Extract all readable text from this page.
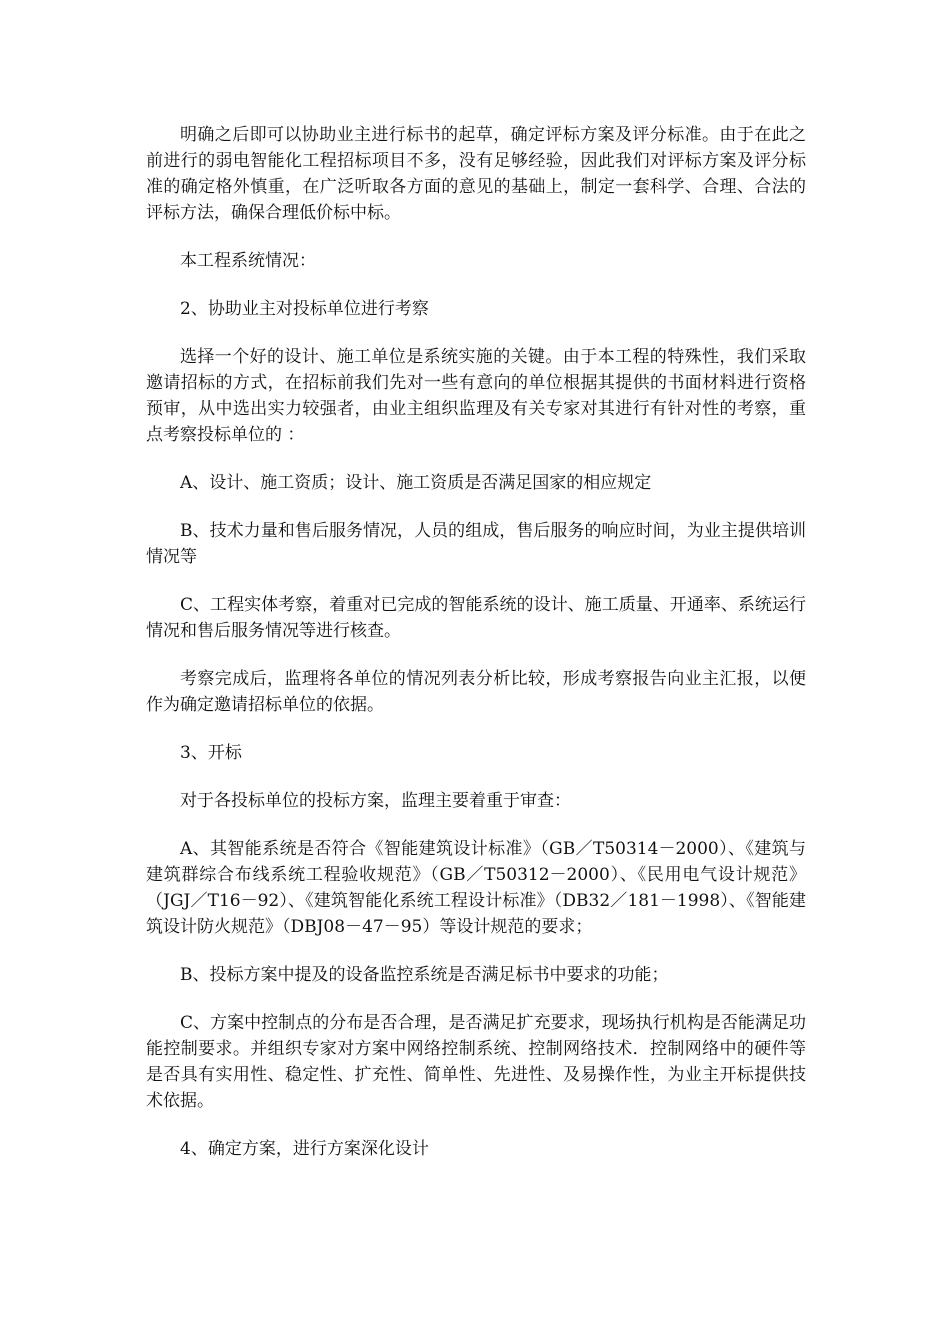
明确之后即可以协助业主进行标书的起草，确定评标方案及评分标准。由于在此之前进行的弱电智能化工程招标项目不多，没有足够经验，因此我们对评标方案及评分标准的确定格外慎重，在广泛听取各方面的意见的基础上，制定一套科学、合理、合法的评标方法，确保合理低价标中标。

本工程系统情况：

2、协助业主对投标单位进行考察

选择一个好的设计、施工单位是系统实施的关键。由于本工程的特殊性，我们采取邀请招标的方式，在招标前我们先对一些有意向的单位根据其提供的书面材料进行资格预审，从中选出实力较强者，由业主组织监理及有关专家对其进行有针对性的考察，重点考察投标单位的 ：

A、设计、施工资质；设计、施工资质是否满足国家的相应规定

B、技术力量和售后服务情况，人员的组成，售后服务的响应时间，为业主提供培训情况等

C、工程实体考察，着重对已完成的智能系统的设计、施工质量、开通率、系统运行情况和售后服务情况等进行核查。

考察完成后，监理将各单位的情况列表分析比较，形成考察报告向业主汇报，以便作为确定邀请招标单位的依据。

3、开标

对于各投标单位的投标方案，监理主要着重于审查：

A、其智能系统是否符合《智能建筑设计标准》（GB／T50314－2000）、《建筑与建筑群综合布线系统工程验收规范》（GB／T50312－2000）、《民用电气设计规范》（JGJ／T16－92）、《建筑智能化系统工程设计标准》（DB32／181－1998）、《智能建筑设计防火规范》（DBJ08－47－95）等设计规范的要求；

B、投标方案中提及的设备监控系统是否满足标书中要求的功能；

C、方案中控制点的分布是否合理，是否满足扩充要求，现场执行机构是否能满足功能控制要求。并组织专家对方案中网络控制系统、控制网络技术．控制网络中的硬件等是否具有实用性、稳定性、扩充性、简单性、先进性、及易操作性，为业主开标提供技术依据。

4、确定方案，进行方案深化设计
